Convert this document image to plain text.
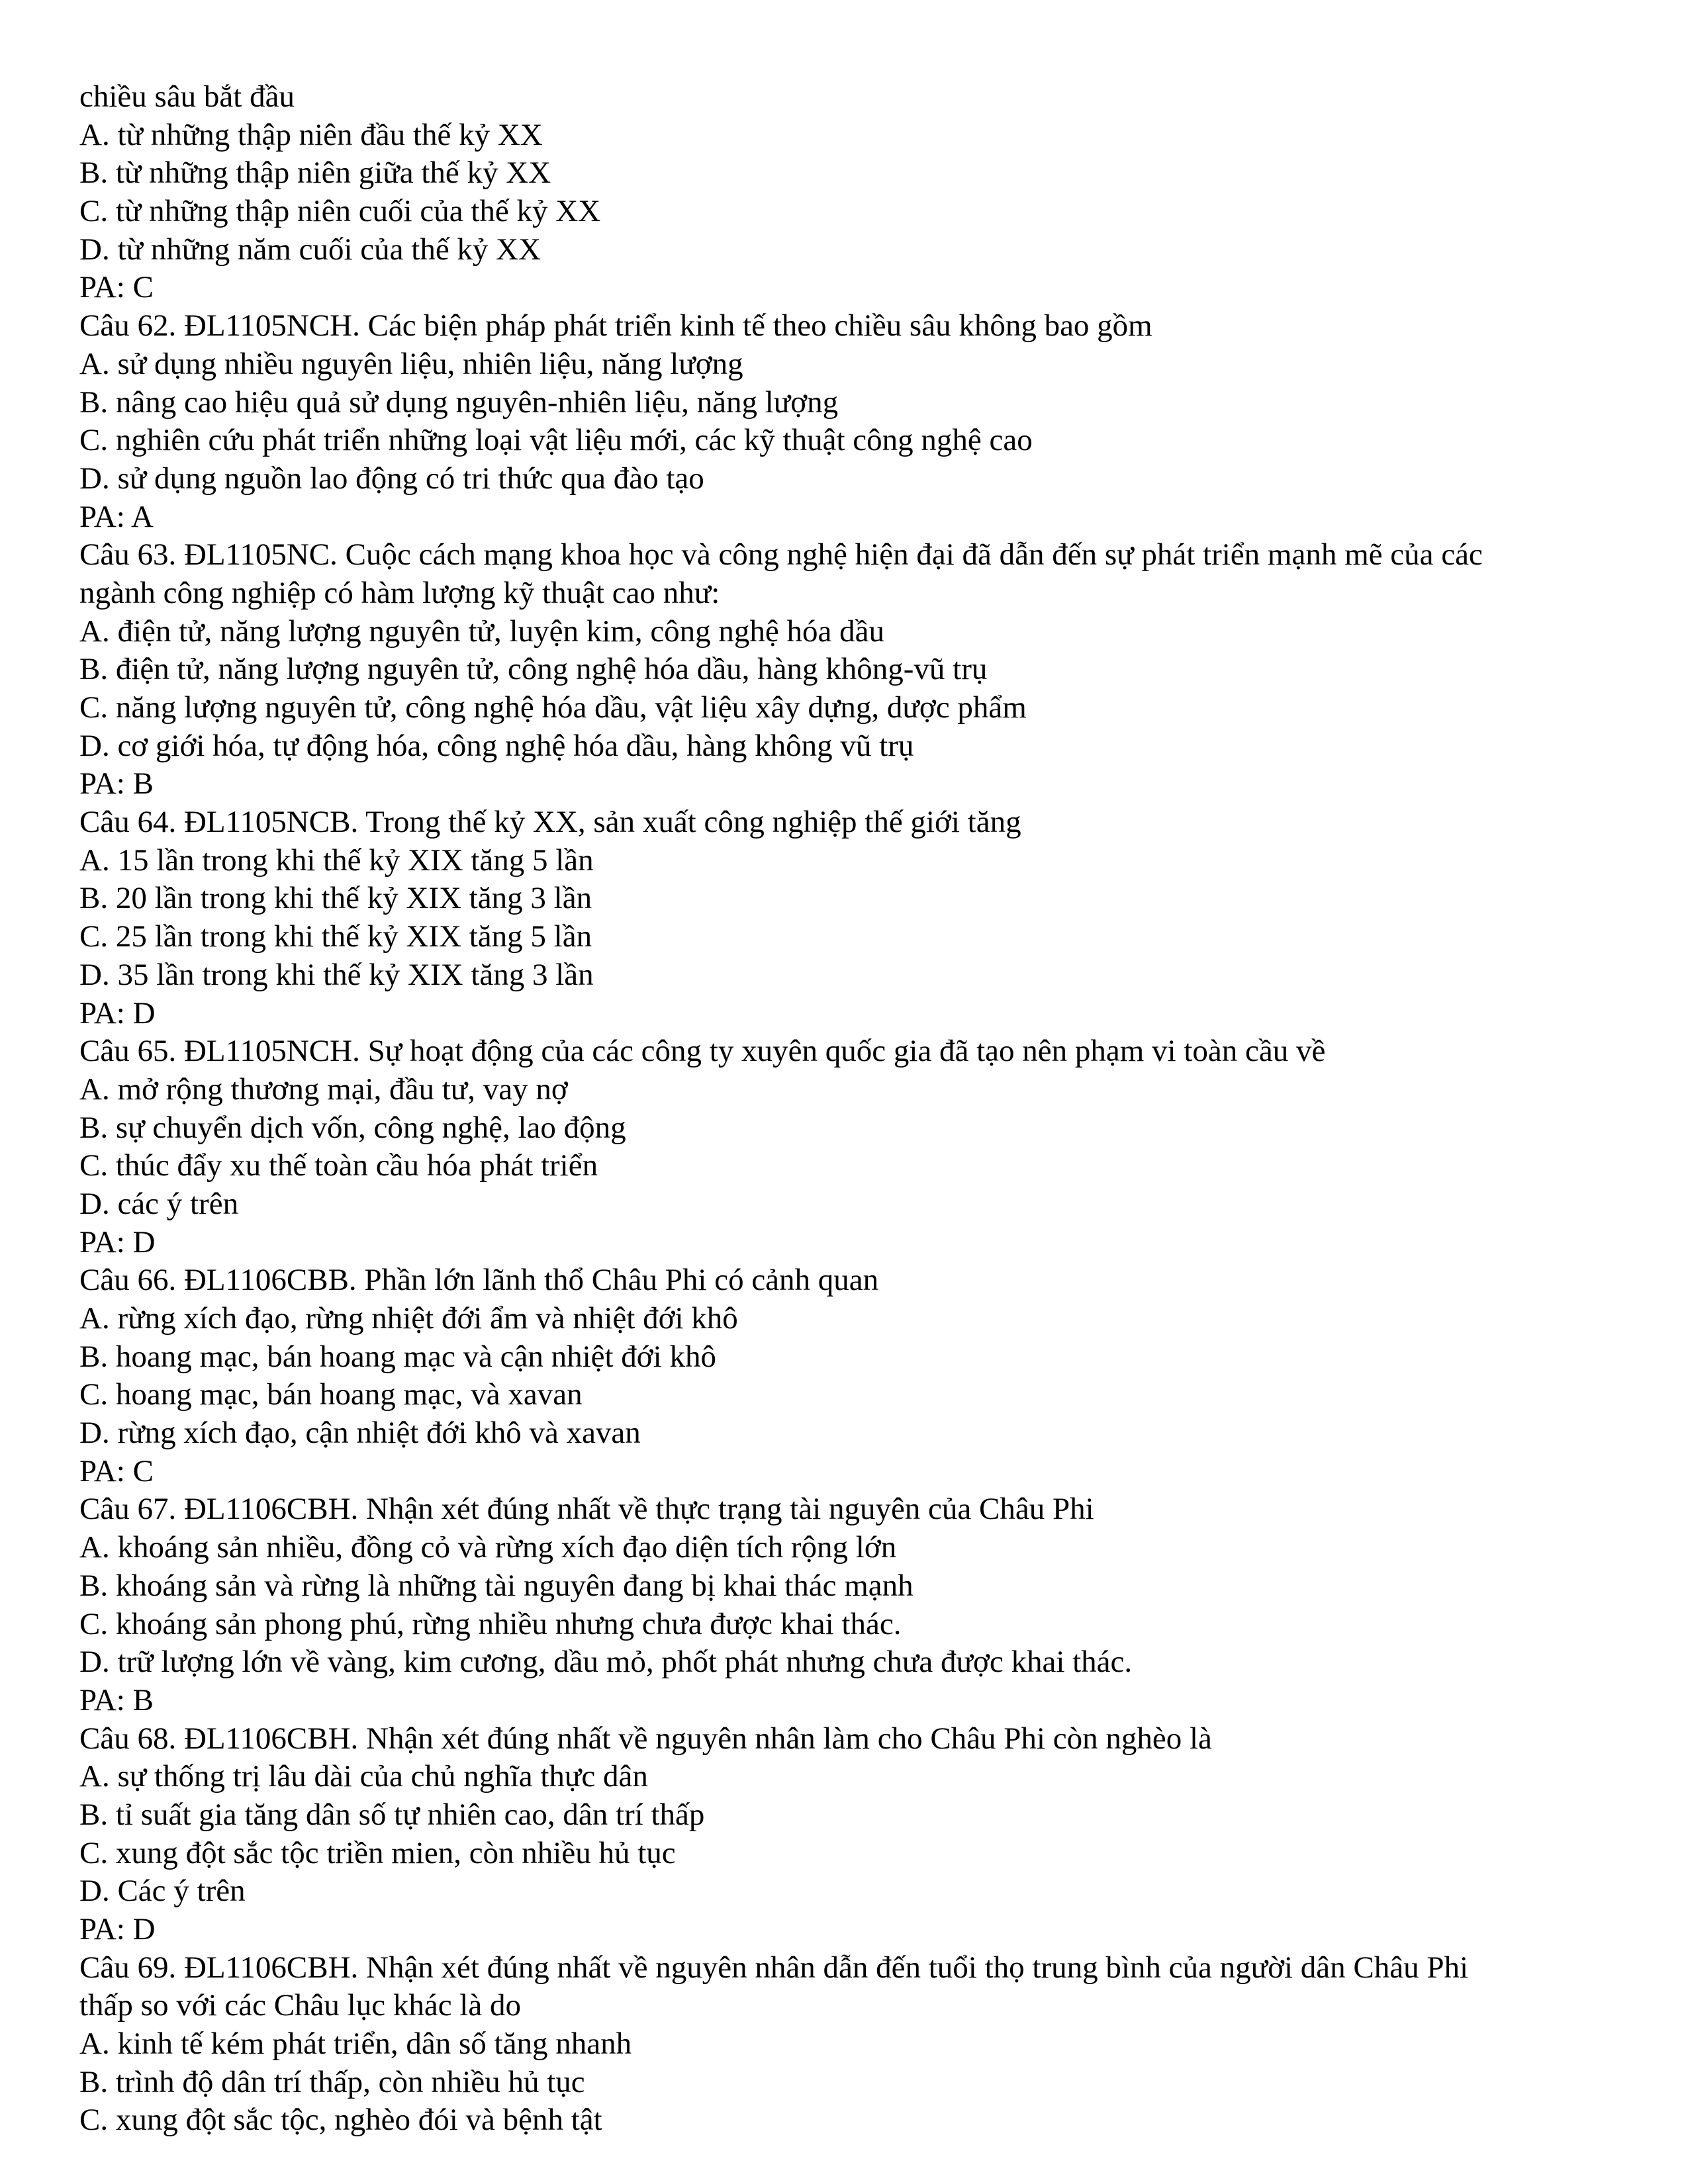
chiều sâu bắt đầu
A. từ những thập niên đầu thế kỷ XX
B. từ những thập niên giữa thế kỷ XX
C. từ những thập niên cuối của thế kỷ XX
D. từ những năm cuối của thế kỷ XX
PA: C
Câu 62. ĐL1105NCH. Các biện pháp phát triển kinh tế theo chiều sâu không bao gồm
A. sử dụng nhiều nguyên liệu, nhiên liệu, năng lượng
B. nâng cao hiệu quả sử dụng nguyên-nhiên liệu, năng lượng
C. nghiên cứu phát triển những loại vật liệu mới, các kỹ thuật công nghệ cao
D. sử dụng nguồn lao động có tri thức qua đào tạo
PA: A
Câu 63. ĐL1105NC. Cuộc cách mạng khoa học và công nghệ hiện đại đã dẫn đến sự phát triển mạnh mẽ của các
ngành công nghiệp có hàm lượng kỹ thuật cao như:
A. điện tử, năng lượng nguyên tử, luyện kim, công nghệ hóa dầu
B. điện tử, năng lượng nguyên tử, công nghệ hóa dầu, hàng không-vũ trụ
C. năng lượng nguyên tử, công nghệ hóa dầu, vật liệu xây dựng, dược phẩm
D. cơ giới hóa, tự động hóa, công nghệ hóa dầu, hàng không vũ trụ
PA: B
Câu 64. ĐL1105NCB. Trong thế kỷ XX, sản xuất công nghiệp thế giới tăng
A. 15 lần trong khi thế kỷ XIX tăng 5 lần
B. 20 lần trong khi thế kỷ XIX tăng 3 lần
C. 25 lần trong khi thế kỷ XIX tăng 5 lần
D. 35 lần trong khi thế kỷ XIX tăng 3 lần
PA: D
Câu 65. ĐL1105NCH. Sự hoạt động của các công ty xuyên quốc gia đã tạo nên phạm vi toàn cầu về
A. mở rộng thương mại, đầu tư, vay nợ
B. sự chuyển dịch vốn, công nghệ, lao động
C. thúc đẩy xu thế toàn cầu hóa phát triển
D. các ý trên
PA: D
Câu 66. ĐL1106CBB. Phần lớn lãnh thổ Châu Phi có cảnh quan
A. rừng xích đạo, rừng nhiệt đới ẩm và nhiệt đới khô
B. hoang mạc, bán hoang mạc và cận nhiệt đới khô
C. hoang mạc, bán hoang mạc, và xavan
D. rừng xích đạo, cận nhiệt đới khô và xavan
PA: C
Câu 67. ĐL1106CBH. Nhận xét đúng nhất về thực trạng tài nguyên của Châu Phi
A. khoáng sản nhiều, đồng cỏ và rừng xích đạo diện tích rộng lớn
B. khoáng sản và rừng là những tài nguyên đang bị khai thác mạnh
C. khoáng sản phong phú, rừng nhiều nhưng chưa được khai thác.
D. trữ lượng lớn về vàng, kim cương, dầu mỏ, phốt phát nhưng chưa được khai thác.
PA: B
Câu 68. ĐL1106CBH. Nhận xét đúng nhất về nguyên nhân làm cho Châu Phi còn nghèo là
A. sự thống trị lâu dài của chủ nghĩa thực dân
B. tỉ suất gia tăng dân số tự nhiên cao, dân trí thấp
C. xung đột sắc tộc triền mien, còn nhiều hủ tục
D. Các ý trên
PA: D
Câu 69. ĐL1106CBH. Nhận xét đúng nhất về nguyên nhân dẫn đến tuổi thọ trung bình của người dân Châu Phi
thấp so với các Châu lục khác là do
A. kinh tế kém phát triển, dân số tăng nhanh
B. trình độ dân trí thấp, còn nhiều hủ tục
C. xung đột sắc tộc, nghèo đói và bệnh tật
